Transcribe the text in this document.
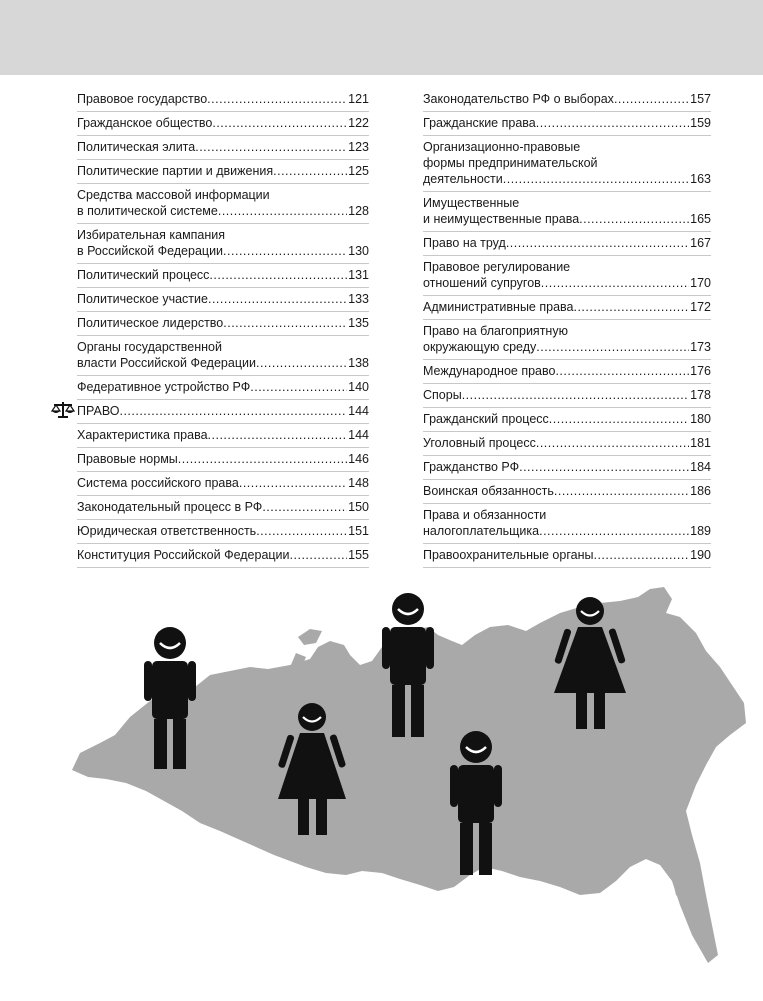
Правовое государство .....	121
Гражданское общество .....	122
Политическая элита .....	123
Политические партии и движения .....	125
Средства массовой информации
в политической системе .....	128
Избирательная кампания
в Российской Федерации .....	130
Политический процесс .....	131
Политическое участие .....	133
Политическое лидерство .....	135
Органы государственной
власти Российской Федерации .....	138
Федеративное устройство РФ .....	140
ПРАВО .....	144
Характеристика права .....	144
Правовые нормы .....	146
Система российского права .....	148
Законодательный процесс в РФ .....	150
Юридическая ответственность .....	151
Конституция Российской Федерации .....	155
Законодательство РФ о выборах .....	157
Гражданские права .....	159
Организационно-правовые
формы предпринимательской
деятельности .....	163
Имущественные
и неимущественные права .....	165
Право на труд .....	167
Правовое регулирование
отношений супругов .....	170
Административные права .....	172
Право на благоприятную
окружающую среду .....	173
Международное право .....	176
Споры .....	178
Гражданский процесс .....	180
Уголовный процесс .....	181
Гражданство РФ .....	184
Воинская обязанность .....	186
Права и обязанности
налогоплательщика .....	189
Правоохранительные органы .....	190
